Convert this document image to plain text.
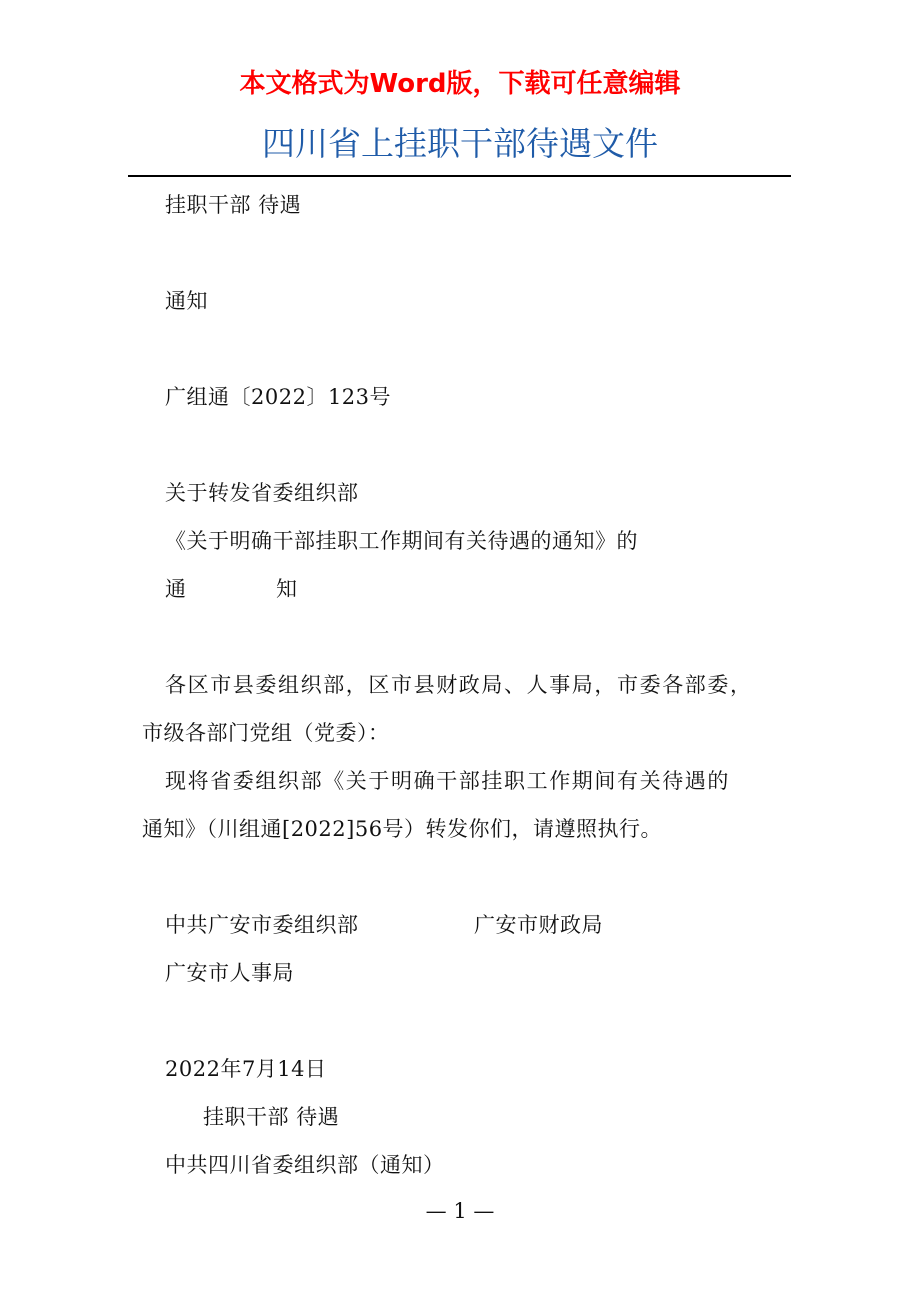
本文格式为Word版，下载可任意编辑
四川省上挂职干部待遇文件
挂职干部 待遇
通知
广组通〔2022〕123号
关于转发省委组织部
《关于明确干部挂职工作期间有关待遇的通知》的
通	知
各区市县委组织部，区市县财政局、人事局，市委各部委，
市级各部门党组（党委）：
现将省委组织部《关于明确干部挂职工作期间有关待遇的
通知》（川组通[2022]56号）转发你们，请遵照执行。
中共广安市委组织部	广安市财政局
广安市人事局
2022年7月14日
挂职干部 待遇
中共四川省委组织部（通知）
— 1 —
